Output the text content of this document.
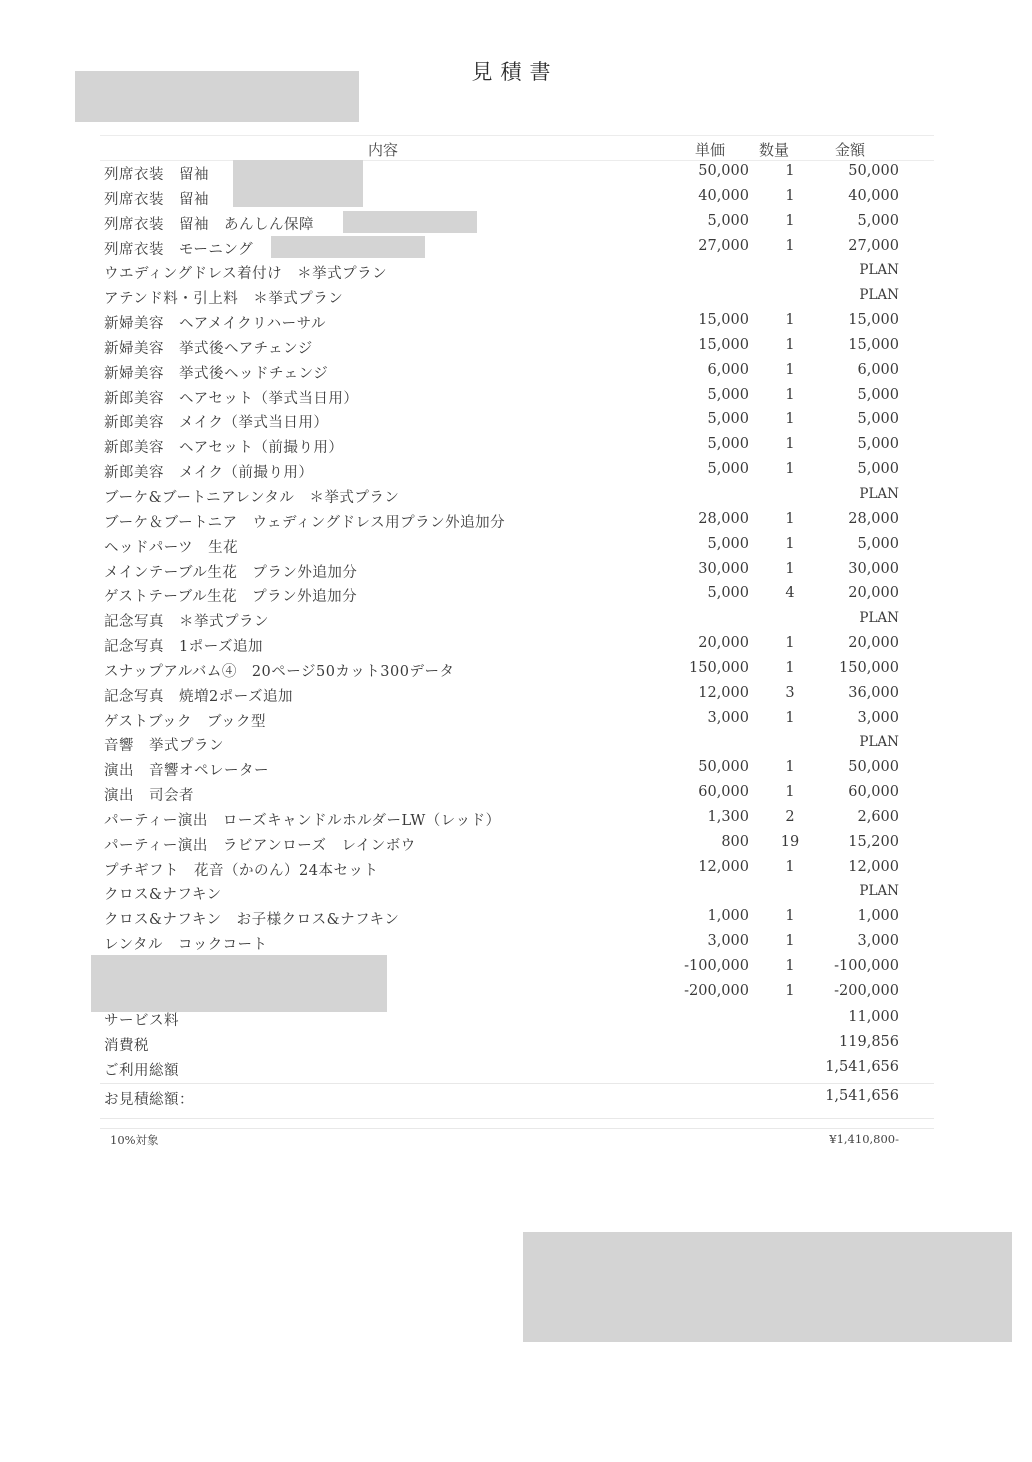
見積書
内容	単価 数量	金額
列席衣装　留袖	50,000	1	50,000
列席衣装　留袖	40,000	1	40,000
列席衣装　留袖　あんしん保障	5,000	1	5,000
列席衣装　モーニング	27,000	1	27,000
ウエディングドレス着付け　＊挙式プラン	PLAN
アテンド料・引上料　＊挙式プラン	PLAN
新婦美容　ヘアメイクリハーサル	15,000	1	15,000
新婦美容　挙式後ヘアチェンジ	15,000	1	15,000
新婦美容　挙式後ヘッドチェンジ	6,000	1	6,000
新郎美容　ヘアセット（挙式当日用）	5,000	1	5,000
新郎美容　メイク（挙式当日用）	5,000	1	5,000
新郎美容　ヘアセット（前撮り用）	5,000	1	5,000
新郎美容　メイク（前撮り用）	5,000	1	5,000
ブーケ&ブートニアレンタル　＊挙式プラン	PLAN
ブーケ＆ブートニア　ウェディングドレス用プラン外追加分	28,000	1	28,000
ヘッドパーツ　生花	5,000	1	5,000
メインテーブル生花　プラン外追加分	30,000	1	30,000
ゲストテーブル生花　プラン外追加分	5,000	4	20,000
記念写真　＊挙式プラン	PLAN
記念写真　1ポーズ追加	20,000	1	20,000
スナップアルバム④　20ページ50カット300データ	150,000	1	150,000
記念写真　焼増2ポーズ追加	12,000	3	36,000
ゲストブック　ブック型	3,000	1	3,000
音響　挙式プラン	PLAN
演出　音響オペレーター	50,000	1	50,000
演出　司会者	60,000	1	60,000
パーティー演出　ローズキャンドルホルダーLW（レッド）	1,300	2	2,600
パーティー演出　ラビアンローズ　レインボウ	800 19	15,200
プチギフト　花音（かのん）24本セット	12,000	1	12,000
クロス&ナフキン	PLAN
クロス&ナフキン　お子様クロス&ナフキン	1,000	1	1,000
レンタル　コックコート	3,000	1	3,000
-100,000	1	-100,000
-200,000	1	-200,000
サービス料	11,000
消費税	119,856
ご利用総額	1,541,656
お見積総額：	1,541,656
10%対象	¥1,410,800-
